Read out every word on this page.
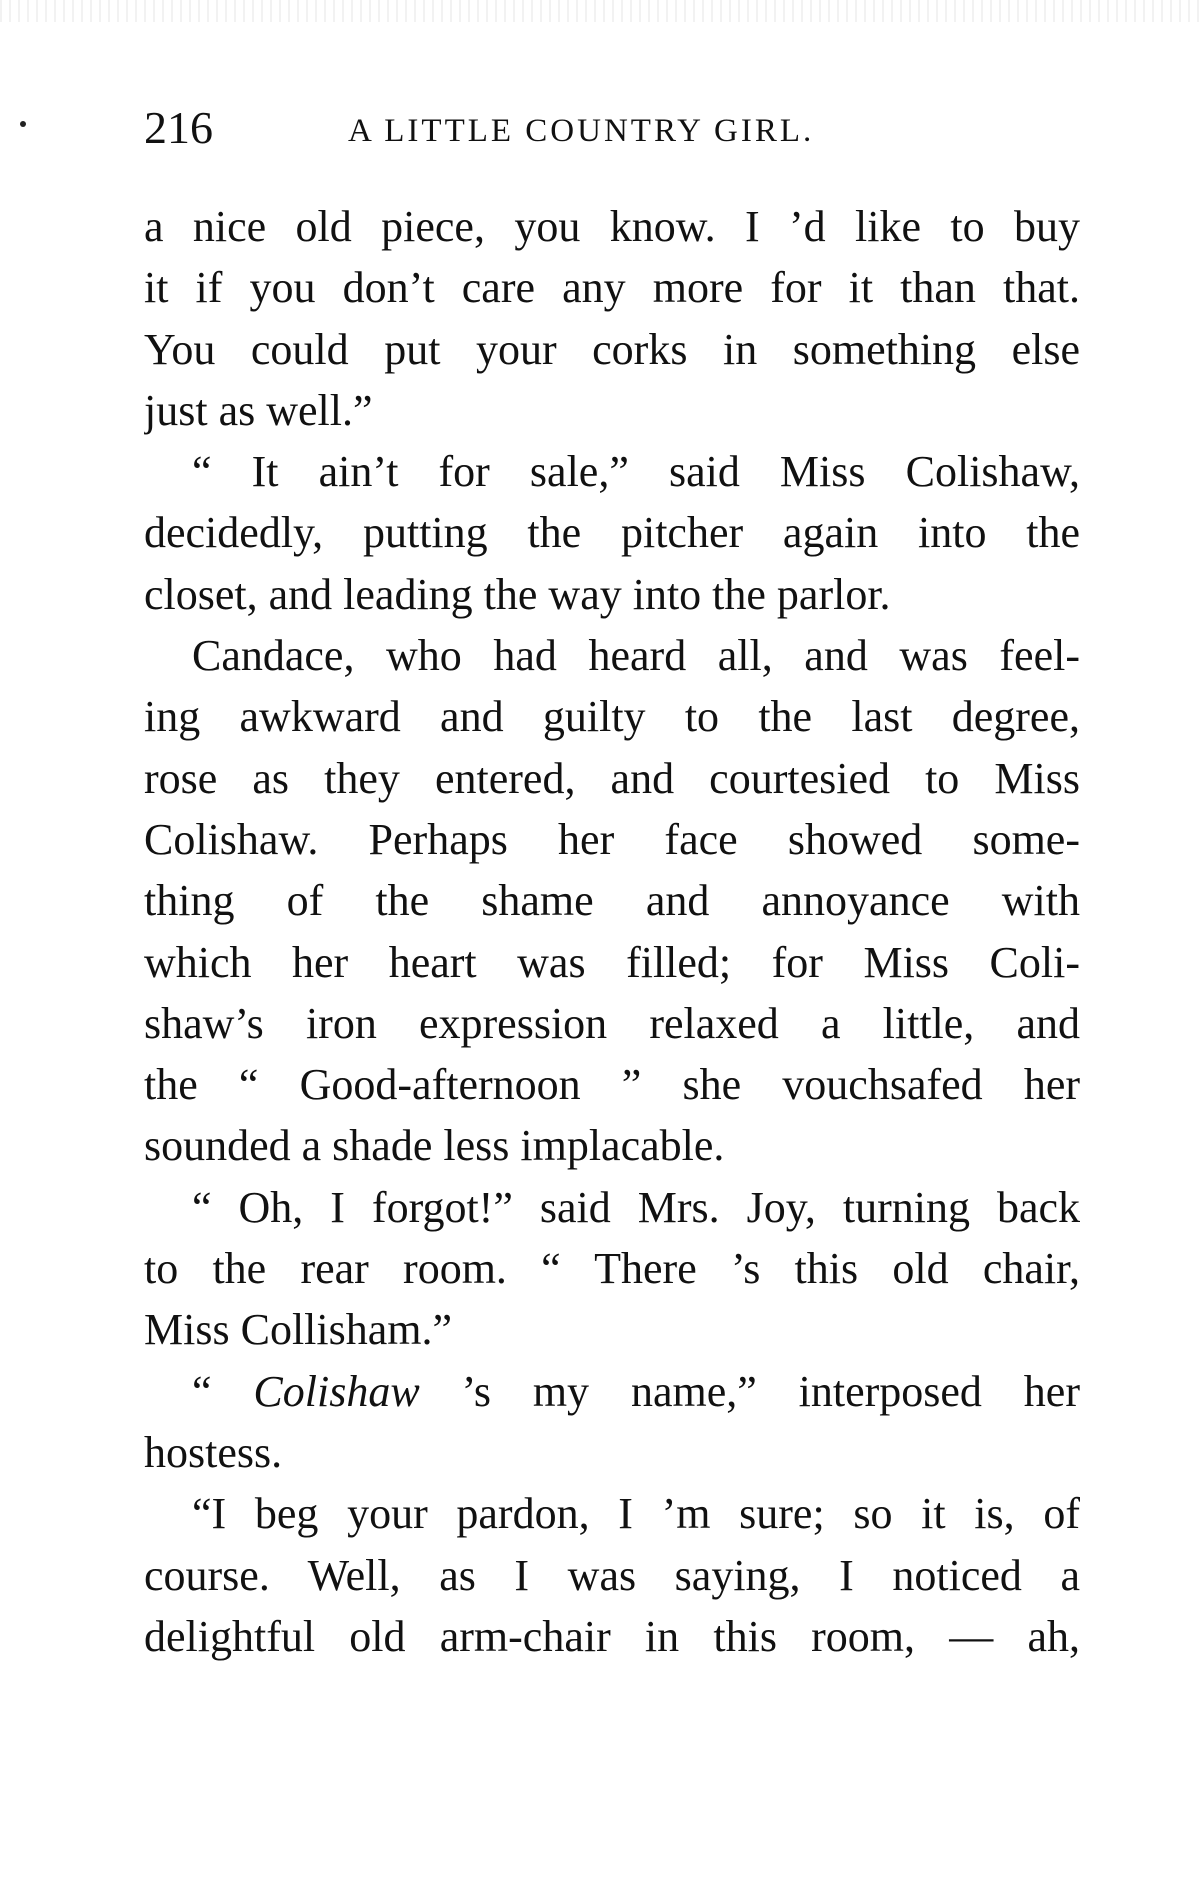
216	A LITTLE COUNTRY GIRL.
a nice old piece, you know. I ’d like to buy
it if you don’t care any more for it than that.
You could put your corks in something else
just as well.”
“ It ain’t for sale,” said Miss Colishaw,
decidedly, putting the pitcher again into the
closet, and leading the way into the parlor.
Candace, who had heard all, and was feel-
ing awkward and guilty to the last degree,
rose as they entered, and courtesied to Miss
Colishaw. Perhaps her face showed some-
thing of the shame and annoyance with
which her heart was filled; for Miss Coli-
shaw’s iron expression relaxed a little, and
the “ Good-afternoon ” she vouchsafed her
sounded a shade less implacable.
“ Oh, I forgot!” said Mrs. Joy, turning back
to the rear room. “ There ’s this old chair,
Miss Collisham.”
“ Colishaw ’s my name,” interposed her
hostess.
“I beg your pardon, I ’m sure; so it is, of
course. Well, as I was saying, I noticed a
delightful old arm-chair in this room, — ah,
